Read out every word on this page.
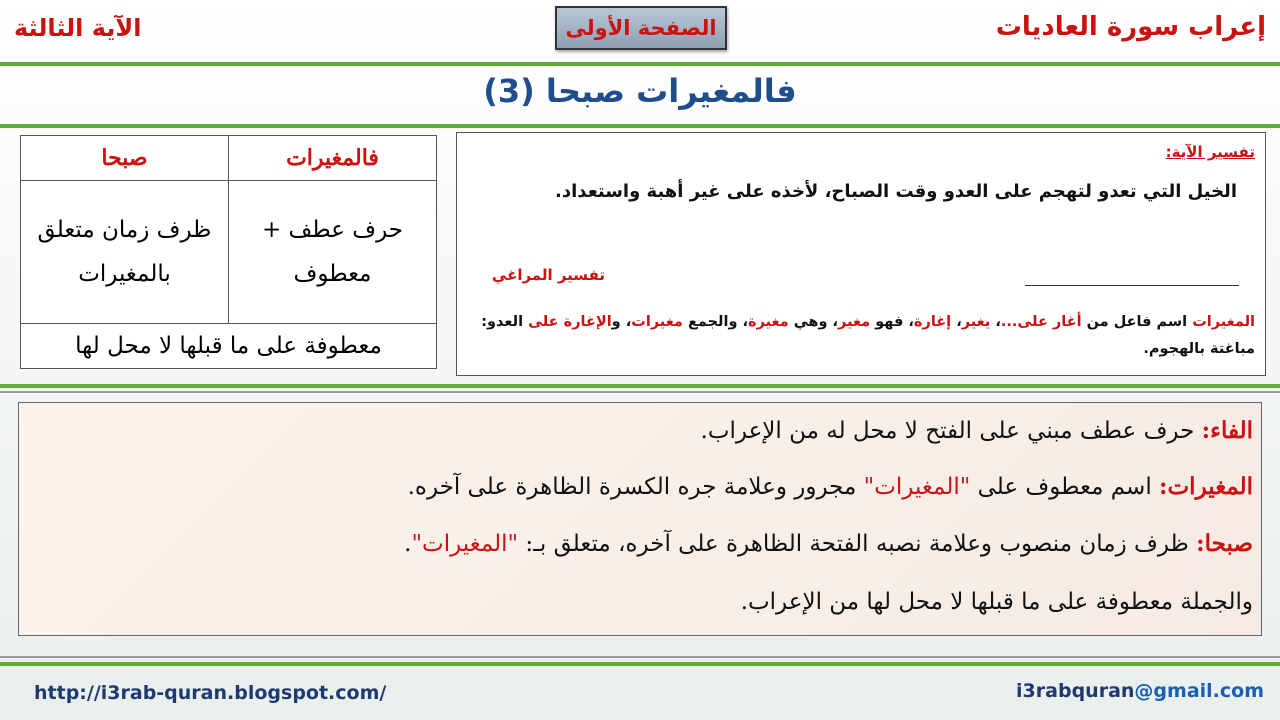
إعراب سورة العاديات
الصفحة الأولى
الآية الثالثة
فالمغيرات صبحا (3)
فالمغيرات	صبحا
حرف عطف + معطوف	ظرف زمان متعلق بالمغيرات
معطوفة على ما قبلها لا محل لها	
تفسير الآية:
الخيل التي تعدو لتهجم على العدو وقت الصباح، لأخذه على غير أهبة واستعداد.
تفسير المراغي
المغيرات اسم فاعل من أغار على...، يغير، إغارة، فهو مغير، وهي مغيرة، والجمع مغيرات، والإغارة على العدو: مباغتة بالهجوم.
الفاء: حرف عطف مبني على الفتح لا محل له من الإعراب.
المغيرات: اسم معطوف على "المغيرات" مجرور وعلامة جره الكسرة الظاهرة على آخره.
صبحا: ظرف زمان منصوب وعلامة نصبه الفتحة الظاهرة على آخره، متعلق بـ: "المغيرات".
والجملة معطوفة على ما قبلها لا محل لها من الإعراب.
http://i3rab-quran.blogspot.com/	i3rabquran@gmail.com
